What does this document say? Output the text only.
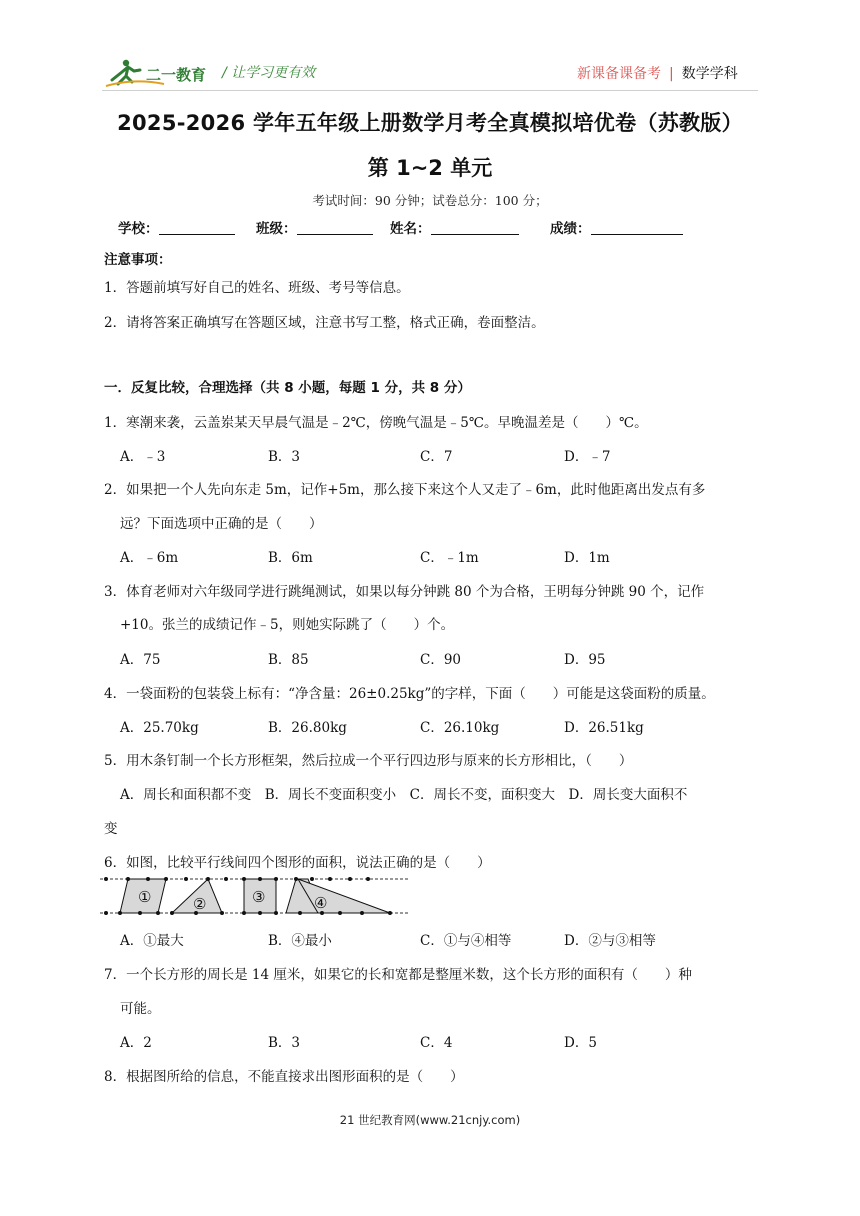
二一教育 / 让学习更有效	新课备课备考 | 数学学科
2025-2026 学年五年级上册数学月考全真模拟培优卷（苏教版）
第 1~2 单元
考试时间：90 分钟；试卷总分：100 分；
学校：	班级：	姓名：	成绩：
注意事项：
1．答题前填写好自己的姓名、班级、考号等信息。
2．请将答案正确填写在答题区域，注意书写工整，格式正确，卷面整洁。
一．反复比较，合理选择（共 8 小题，每题 1 分，共 8 分）
1．寒潮来袭，云盖岽某天早晨气温是﹣2℃，傍晚气温是﹣5℃。早晚温差是（　　）℃。
A．﹣3	B．3	C．7	D．﹣7
2．如果把一个人先向东走 5m，记作+5m，那么接下来这个人又走了﹣6m，此时他距离出发点有多
远？下面选项中正确的是（　　）
A．﹣6m	B．6m	C．﹣1m	D．1m
3．体育老师对六年级同学进行跳绳测试，如果以每分钟跳 80 个为合格，王明每分钟跳 90 个，记作
+10。张兰的成绩记作﹣5，则她实际跳了（　　）个。
A．75	B．85	C．90	D．95
4．一袋面粉的包装袋上标有：“净含量：26±0.25kg”的字样，下面（　　）可能是这袋面粉的质量。
A．25.70kg	B．26.80kg	C．26.10kg	D．26.51kg
5．用木条钉制一个长方形框架，然后拉成一个平行四边形与原来的长方形相比，（　　）
A．周长和面积都不变　B．周长不变面积变小　C．周长不变，面积变大　D．周长变大面积不
变
6．如图，比较平行线间四个图形的面积，说法正确的是（　　）
①	②	③	④
A．①最大	B．④最小	C．①与④相等	D．②与③相等
7．一个长方形的周长是 14 厘米，如果它的长和宽都是整厘米数，这个长方形的面积有（　　）种
可能。
A．2	B．3	C．4	D．5
8．根据图所给的信息，不能直接求出图形面积的是（　　）
21 世纪教育网(www.21cnjy.com)
